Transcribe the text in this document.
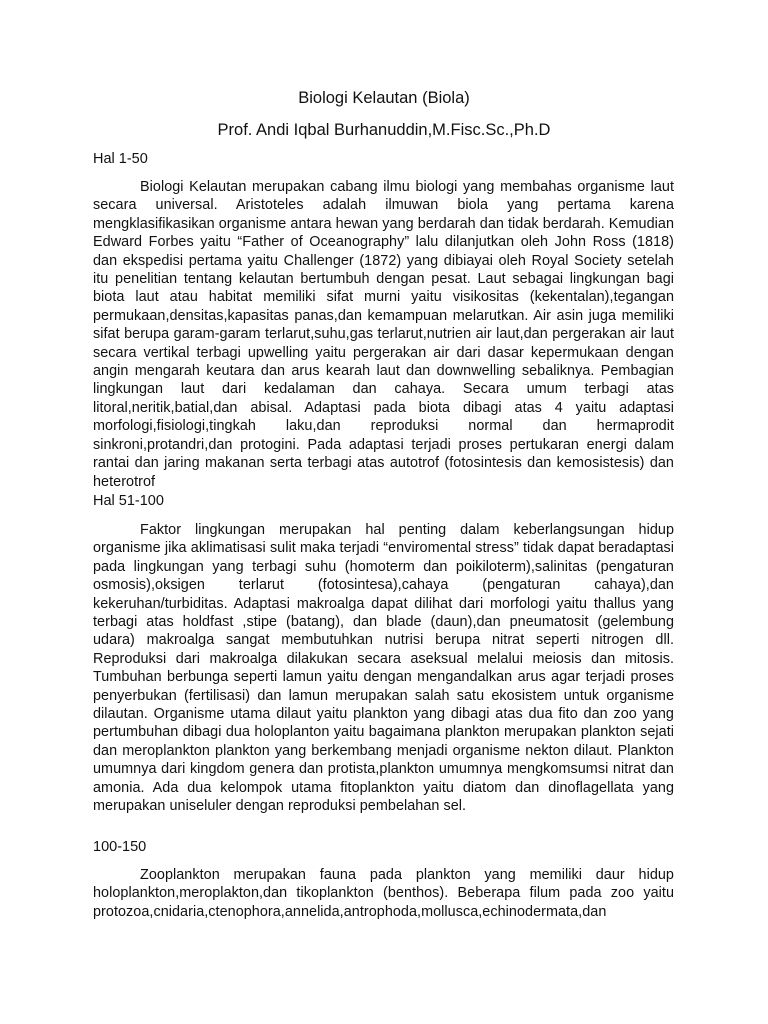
Biologi Kelautan (Biola)
Prof. Andi Iqbal Burhanuddin,M.Fisc.Sc.,Ph.D
Hal 1-50

Biologi Kelautan merupakan cabang ilmu biologi yang membahas organisme laut secara universal. Aristoteles adalah ilmuwan biola yang pertama karena mengklasifikasikan organisme antara hewan yang berdarah dan tidak berdarah. Kemudian Edward Forbes yaitu “Father of Oceanography” lalu dilanjutkan oleh John Ross (1818) dan ekspedisi pertama yaitu Challenger (1872) yang dibiayai oleh Royal Society setelah itu penelitian tentang kelautan bertumbuh dengan pesat. Laut sebagai lingkungan bagi biota laut atau habitat memiliki sifat murni yaitu visikositas (kekentalan),tegangan permukaan,densitas,kapasitas panas,dan kemampuan melarutkan. Air asin juga memiliki sifat berupa garam-garam terlarut,suhu,gas terlarut,nutrien air laut,dan pergerakan air laut secara vertikal terbagi upwelling yaitu pergerakan air dari dasar kepermukaan dengan angin mengarah keutara dan arus kearah laut dan downwelling sebaliknya. Pembagian lingkungan laut dari kedalaman dan cahaya. Secara umum terbagi atas litoral,neritik,batial,dan abisal. Adaptasi pada biota dibagi atas 4 yaitu adaptasi morfologi,fisiologi,tingkah laku,dan reproduksi normal dan hermaprodit sinkroni,protandri,dan protogini. Pada adaptasi terjadi proses pertukaran energi dalam rantai dan jaring makanan serta terbagi atas autotrof (fotosintesis dan kemosistesis) dan heterotrof

Hal 51-100

Faktor lingkungan merupakan hal penting dalam keberlangsungan hidup organisme jika aklimatisasi sulit maka terjadi “enviromental stress” tidak dapat beradaptasi pada lingkungan yang terbagi suhu (homoterm dan poikiloterm),salinitas (pengaturan osmosis),oksigen terlarut (fotosintesa),cahaya (pengaturan cahaya),dan kekeruhan/turbiditas. Adaptasi makroalga dapat dilihat dari morfologi yaitu thallus yang terbagi atas holdfast ,stipe (batang), dan blade (daun),dan pneumatosit (gelembung udara) makroalga sangat membutuhkan nutrisi berupa nitrat seperti nitrogen dll. Reproduksi dari makroalga dilakukan secara aseksual melalui meiosis dan mitosis. Tumbuhan berbunga seperti lamun yaitu dengan mengandalkan arus agar terjadi proses penyerbukan (fertilisasi) dan lamun merupakan salah satu ekosistem untuk organisme dilautan. Organisme utama dilaut yaitu plankton yang dibagi atas dua fito dan zoo yang pertumbuhan dibagi dua holoplanton yaitu bagaimana plankton merupakan plankton sejati dan meroplankton plankton yang berkembang menjadi organisme nekton dilaut. Plankton umumnya dari kingdom genera dan protista,plankton umumnya mengkomsumsi nitrat dan amonia. Ada dua kelompok utama fitoplankton yaitu diatom dan dinoflagellata yang merupakan uniseluler dengan reproduksi pembelahan sel.

100-150

Zooplankton merupakan fauna pada plankton yang memiliki daur hidup holoplankton,meroplakton,dan tikoplankton (benthos). Beberapa filum pada zoo yaitu protozoa,cnidaria,ctenophora,annelida,antrophoda,mollusca,echinodermata,dan
